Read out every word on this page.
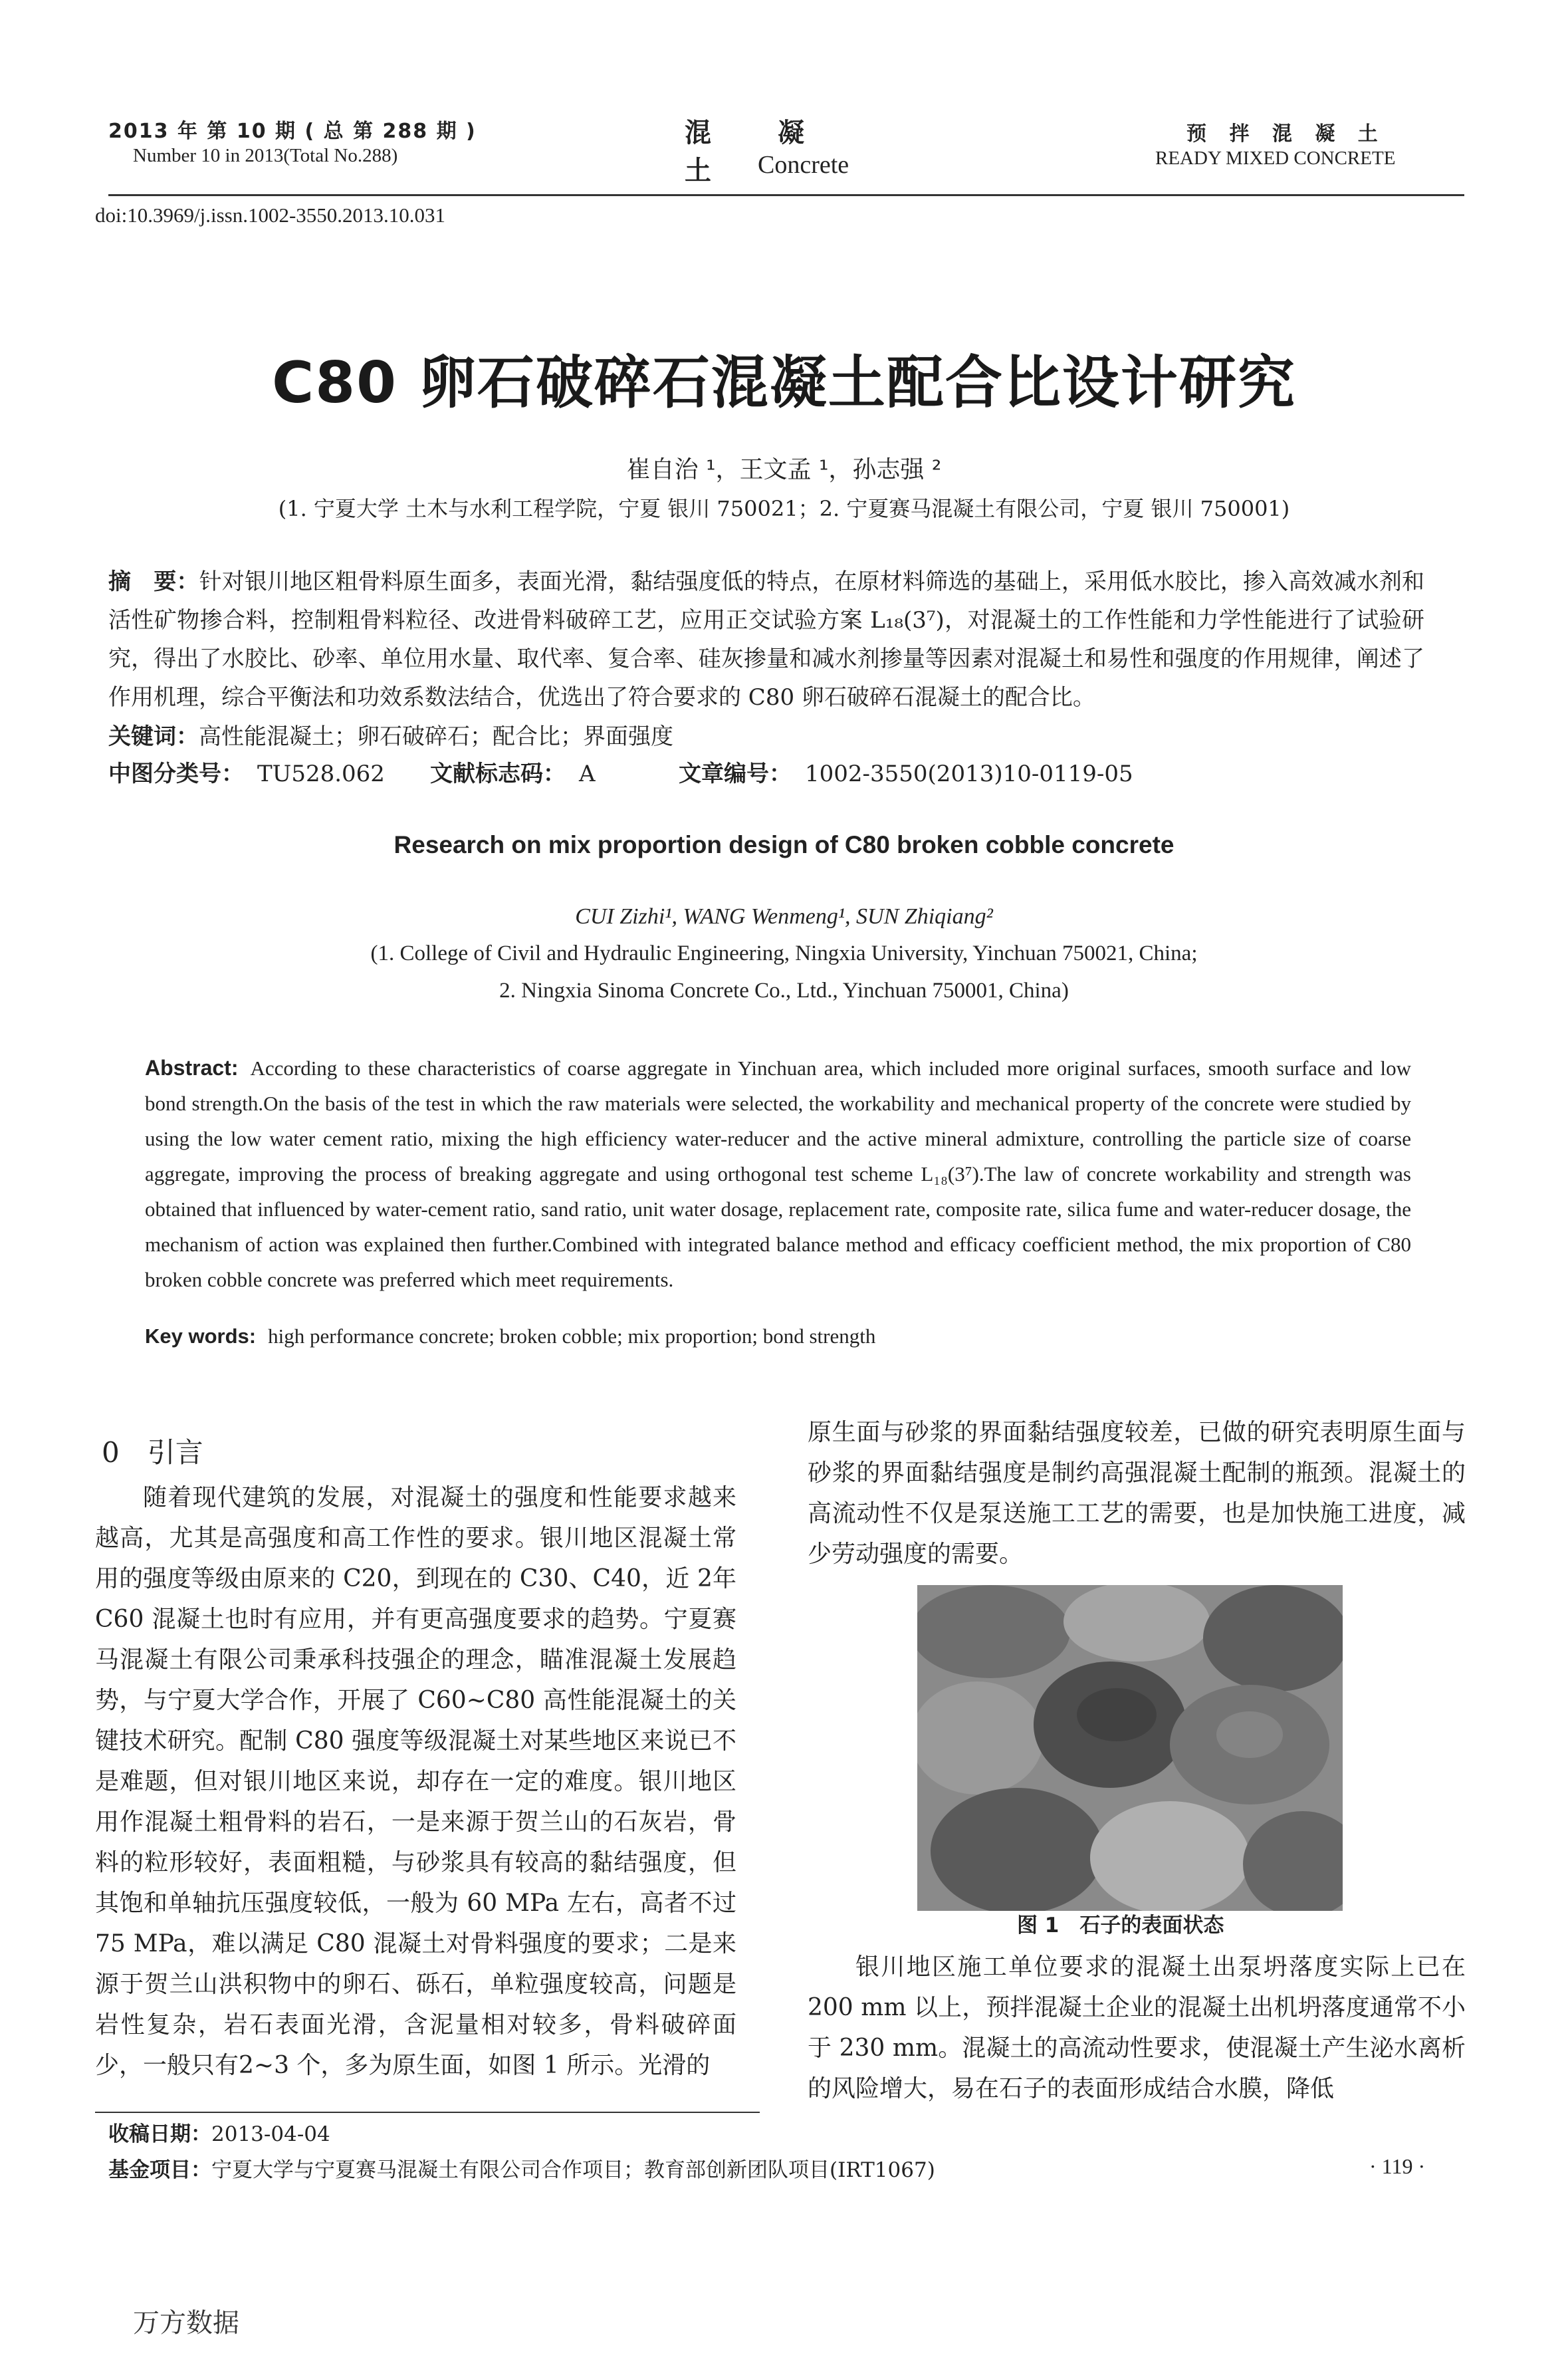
2013 年 第 10 期 ( 总 第 288 期 )
Number 10 in 2013(Total No.288)
混凝土
Concrete
预 拌 混 凝 土
READY MIXED CONCRETE
doi:10.3969/j.issn.1002-3550.2013.10.031
C80 卵石破碎石混凝土配合比设计研究
崔自治 ¹，王文孟 ¹，孙志强 ²
(1. 宁夏大学 土木与水利工程学院，宁夏 银川 750021；2. 宁夏赛马混凝土有限公司，宁夏 银川 750001)
摘　要：针对银川地区粗骨料原生面多，表面光滑，黏结强度低的特点，在原材料筛选的基础上，采用低水胶比，掺入高效减水剂和活性矿物掺合料，控制粗骨料粒径、改进骨料破碎工艺，应用正交试验方案 L₁₈(3⁷)，对混凝土的工作性能和力学性能进行了试验研究，得出了水胶比、砂率、单位用水量、取代率、复合率、硅灰掺量和减水剂掺量等因素对混凝土和易性和强度的作用规律，阐述了作用机理，综合平衡法和功效系数法结合，优选出了符合要求的 C80 卵石破碎石混凝土的配合比。
关键词：高性能混凝土；卵石破碎石；配合比；界面强度
中图分类号： TU528.062 文献标志码： A	文章编号： 1002-3550(2013)10-0119-05
Research on mix proportion design of C80 broken cobble concrete
CUI Zizhi¹, WANG Wenmeng¹, SUN Zhiqiang²
(1. College of Civil and Hydraulic Engineering, Ningxia University, Yinchuan 750021, China;
2. Ningxia Sinoma Concrete Co., Ltd., Yinchuan 750001, China)
Abstract: According to these characteristics of coarse aggregate in Yinchuan area, which included more original surfaces, smooth surface and low bond strength.On the basis of the test in which the raw materials were selected, the workability and mechanical property of the concrete were studied by using the low water cement ratio, mixing the high efficiency water-reducer and the active mineral admixture, controlling the particle size of coarse aggregate, improving the process of breaking aggregate and using orthogonal test scheme L₁₈(3⁷).The law of concrete workability and strength was obtained that influenced by water-cement ratio, sand ratio, unit water dosage, replacement rate, composite rate, silica fume and water-reducer dosage, the mechanism of action was explained then further.Combined with integrated balance method and efficacy coefficient method, the mix proportion of C80 broken cobble concrete was preferred which meet requirements.
Key words: high performance concrete; broken cobble; mix proportion; bond strength
0　引言
随着现代建筑的发展，对混凝土的强度和性能要求越来越高，尤其是高强度和高工作性的要求。银川地区混凝土常用的强度等级由原来的 C20，到现在的 C30、C40，近 2年 C60 混凝土也时有应用，并有更高强度要求的趋势。宁夏赛马混凝土有限公司秉承科技强企的理念，瞄准混凝土发展趋势，与宁夏大学合作，开展了 C60~C80 高性能混凝土的关键技术研究。配制 C80 强度等级混凝土对某些地区来说已不是难题，但对银川地区来说，却存在一定的难度。银川地区用作混凝土粗骨料的岩石，一是来源于贺兰山的石灰岩，骨料的粒形较好，表面粗糙，与砂浆具有较高的黏结强度，但其饱和单轴抗压强度较低，一般为 60 MPa 左右，高者不过 75 MPa，难以满足 C80 混凝土对骨料强度的要求；二是来源于贺兰山洪积物中的卵石、砾石，单粒强度较高，问题是岩性复杂，岩石表面光滑，含泥量相对较多，骨料破碎面少，一般只有2~3 个，多为原生面，如图 1 所示。光滑的
原生面与砂浆的界面黏结强度较差，已做的研究表明原生面与砂浆的界面黏结强度是制约高强混凝土配制的瓶颈。混凝土的高流动性不仅是泵送施工工艺的需要，也是加快施工进度，减少劳动强度的需要。
图 1　石子的表面状态
银川地区施工单位要求的混凝土出泵坍落度实际上已在 200 mm 以上，预拌混凝土企业的混凝土出机坍落度通常不小于 230 mm。混凝土的高流动性要求，使混凝土产生泌水离析的风险增大，易在石子的表面形成结合水膜，降低
收稿日期：2013-04-04
基金项目：宁夏大学与宁夏赛马混凝土有限公司合作项目；教育部创新团队项目(IRT1067)	· 119 ·
万方数据
